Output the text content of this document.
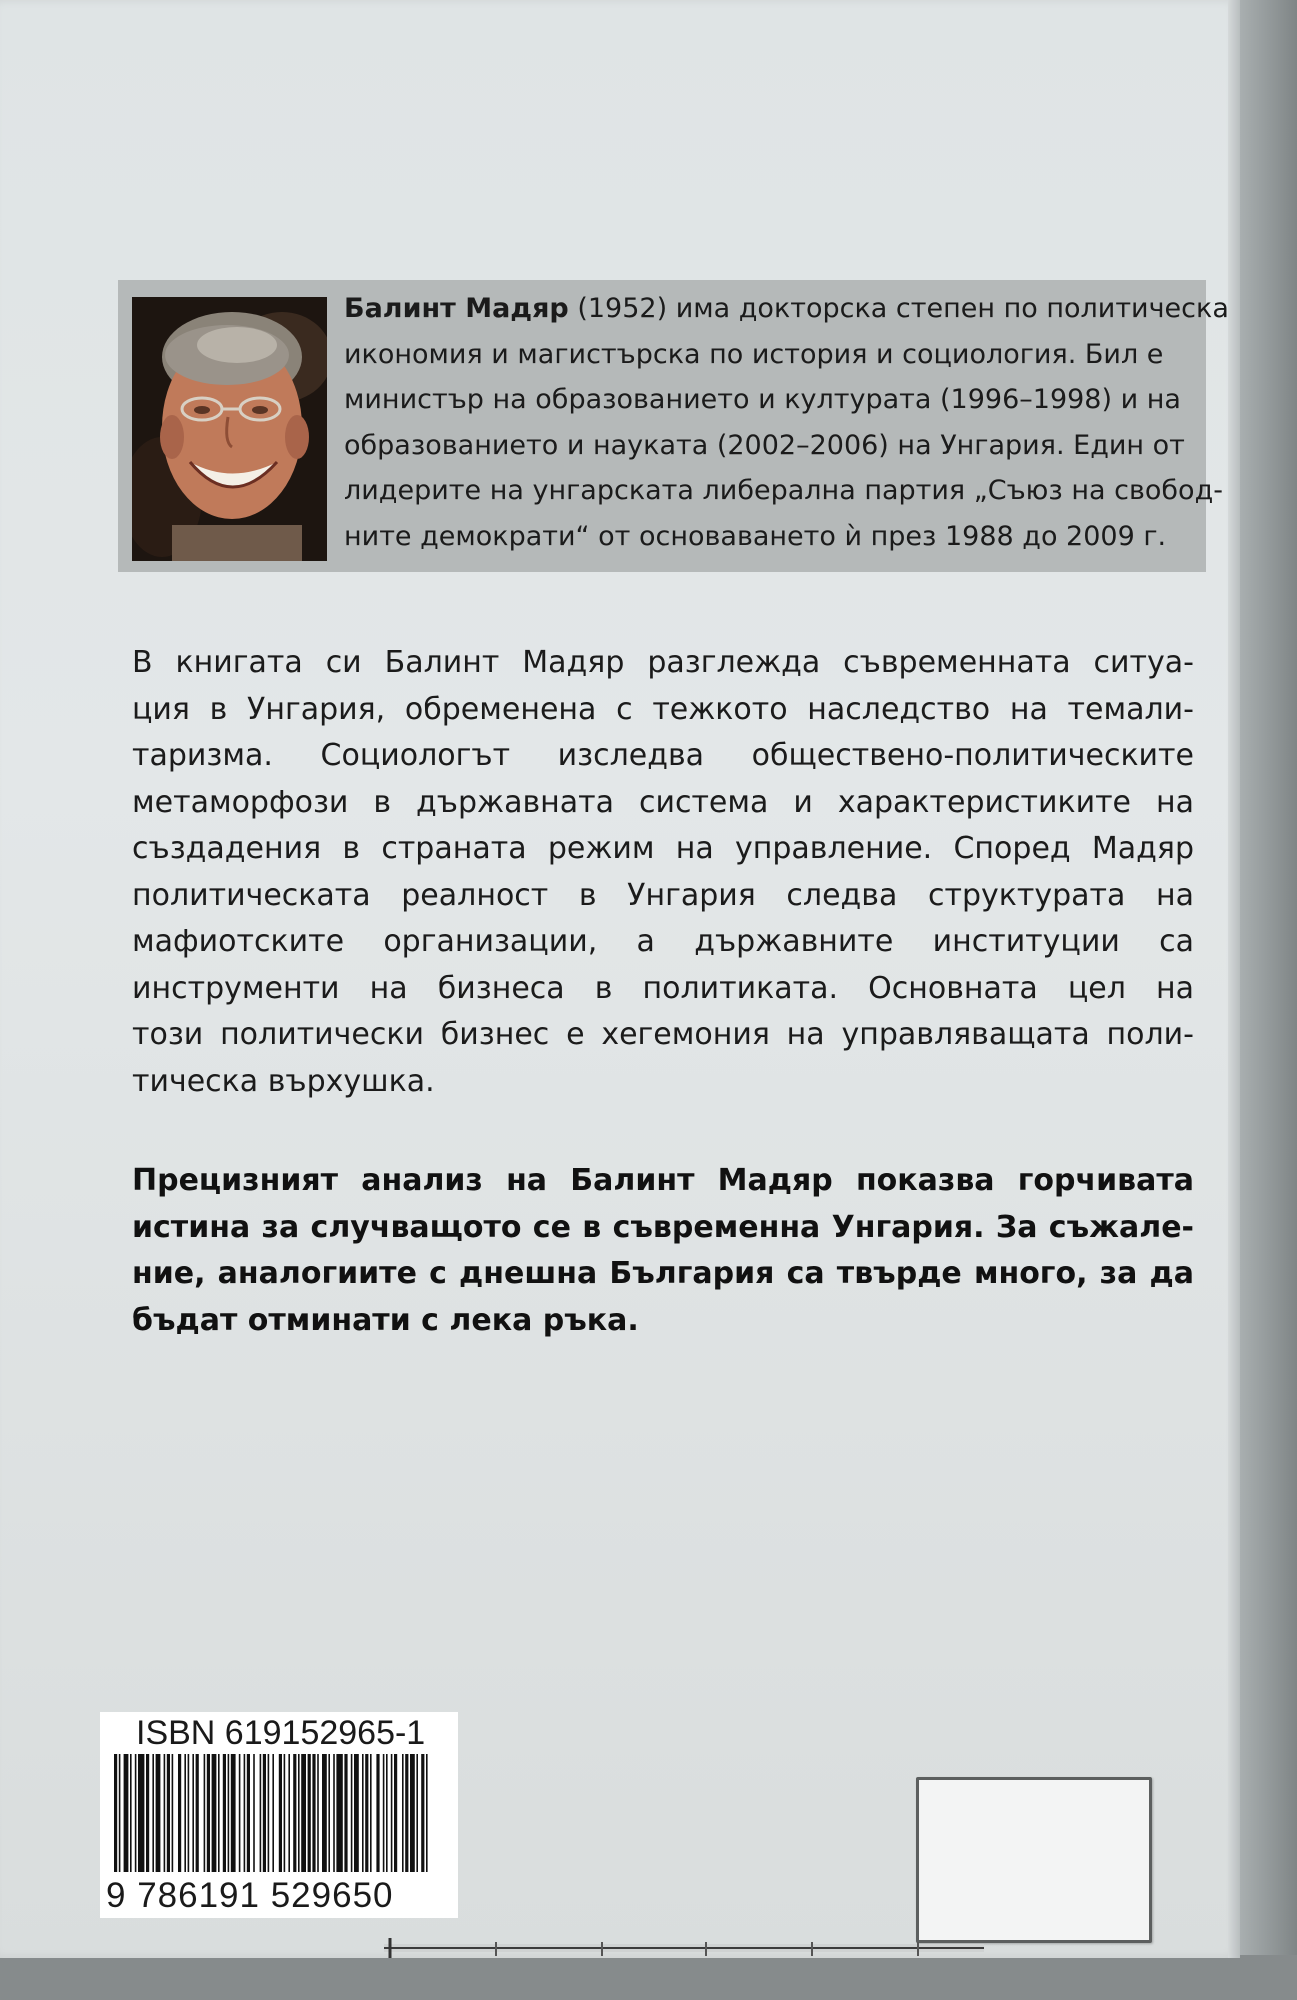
Балинт Мадяр (1952) има докторска степен по политическа
икономия и магистърска по история и социология. Бил е
министър на образованието и културата (1996–1998) и на
образованието и науката (2002–2006) на Унгария. Един от
лидерите на унгарската либерална партия „Съюз на свобод-
ните демократи“ от основаването ѝ през 1988 до 2009 г.
В книгата си Балинт Мадяр разглежда съвременната ситуа-
ция в Унгария, обременена с тежкото наследство на темали-
таризма. Социологът изследва обществено-политическите
метаморфози в държавната система и характеристиките на
създадения в страната режим на управление. Според Мадяр
политическата реалност в Унгария следва структурата на
мафиотските организации, а държавните институции са
инструменти на бизнеса в политиката. Основната цел на
този политически бизнес е хегемония на управляващата поли-
тическа върхушка.
Прецизният анализ на Балинт Мадяр показва горчивата
истина за случващото се в съвременна Унгария. За съжале-
ние, аналогиите с днешна България са твърде много, за да
бъдат отминати с лека ръка.
ISBN 619152965-1
9 786191 529650
